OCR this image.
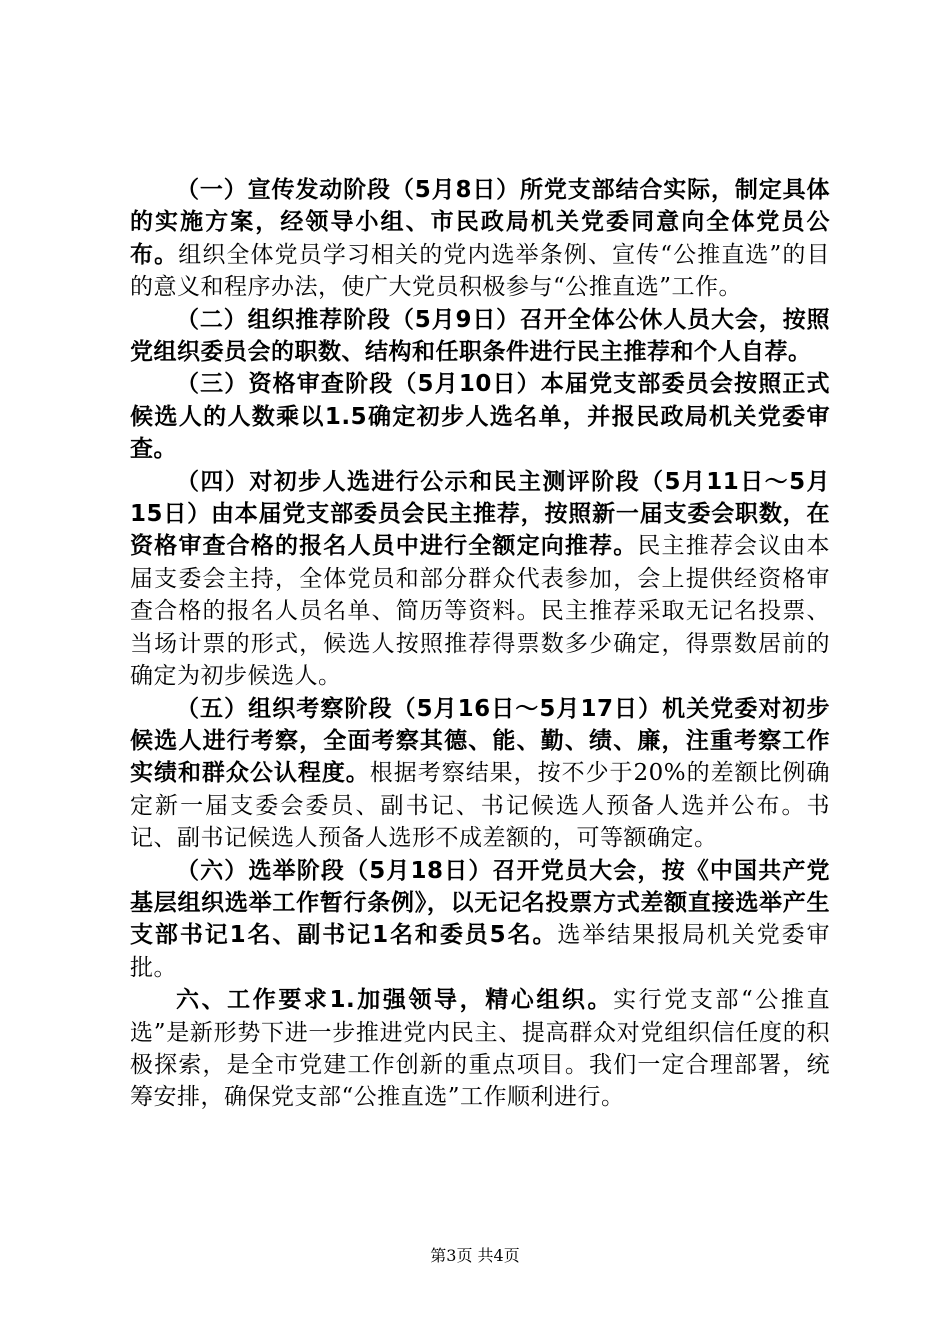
（一）宣传发动阶段（5月8日）所党支部结合实际，制定具体的实施方案，经领导小组、市民政局机关党委同意向全体党员公布。组织全体党员学习相关的党内选举条例、宣传“公推直选”的目的意义和程序办法，使广大党员积极参与“公推直选”工作。

（二）组织推荐阶段（5月9日）召开全体公休人员大会，按照党组织委员会的职数、结构和任职条件进行民主推荐和个人自荐。

（三）资格审查阶段（5月10日）本届党支部委员会按照正式候选人的人数乘以1.5确定初步人选名单，并报民政局机关党委审查。

（四）对初步人选进行公示和民主测评阶段（5月11日～5月15日）由本届党支部委员会民主推荐，按照新一届支委会职数，在资格审查合格的报名人员中进行全额定向推荐。民主推荐会议由本届支委会主持，全体党员和部分群众代表参加，会上提供经资格审查合格的报名人员名单、简历等资料。民主推荐采取无记名投票、当场计票的形式，候选人按照推荐得票数多少确定，得票数居前的确定为初步候选人。

（五）组织考察阶段（5月16日～5月17日）机关党委对初步候选人进行考察，全面考察其德、能、勤、绩、廉，注重考察工作实绩和群众公认程度。根据考察结果，按不少于20%的差额比例确定新一届支委会委员、副书记、书记候选人预备人选并公布。书记、副书记候选人预备人选形不成差额的，可等额确定。

（六）选举阶段（5月18日）召开党员大会，按《中国共产党基层组织选举工作暂行条例》，以无记名投票方式差额直接选举产生支部书记1名、副书记1名和委员5名。选举结果报局机关党委审批。

六、工作要求1.加强领导，精心组织。实行党支部“公推直选”是新形势下进一步推进党内民主、提高群众对党组织信任度的积极探索，是全市党建工作创新的重点项目。我们一定合理部署，统筹安排，确保党支部“公推直选”工作顺利进行。

第3页 共4页
